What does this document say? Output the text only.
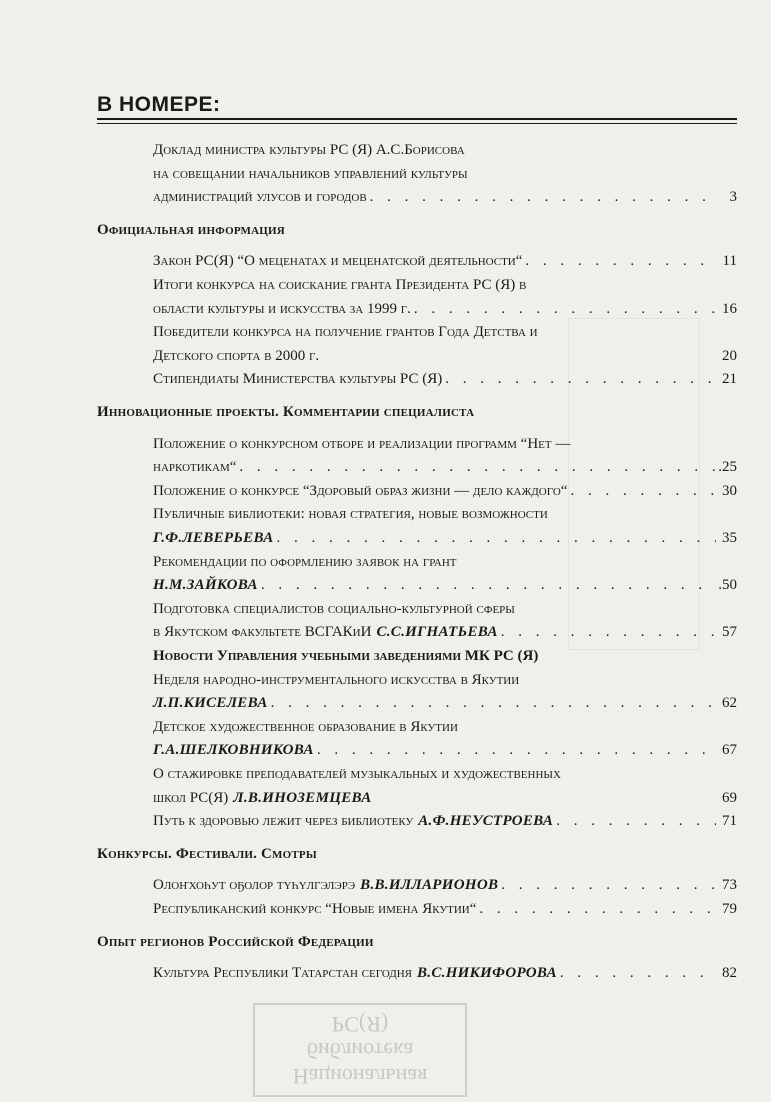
В НОМЕРЕ:
Доклад министра культуры РС (Я) А.С.Борисова
на совещании начальников управлений культуры
администраций улусов и городов . . .	3
Официальная информация
Закон РС(Я) “О меценатах и меценатской деятельности“ . . .	11
Итоги конкурса на соискание гранта Президента РС (Я) в
области культуры и искусства за 1999 г. . . .	16
Победители конкурса на получение грантов Года Детства и
Детского спорта в 2000 г.	20
Стипендиаты Министерства культуры РС (Я) . . .	21
Инновационные проекты. Комментарии специалиста
Положение о конкурсном отборе и реализации программ “Нет —
наркотикам“ . . .	.25
Положение о конкурсе “Здоровый образ жизни — дело каждого“ . . .	30
Публичные библиотеки: новая стратегия, новые возможности
Г.Ф.ЛЕВЕРЬЕВА . . .	35
Рекомендации по оформлению заявок на грант
Н.М.ЗАЙКОВА . . .	.50
Подготовка специалистов социально-культурной сферы
в Якутском факультете ВСГАКиИ С.С.ИГНАТЬЕВА . . .	57
Новости Управления учебными заведениями МК РС (Я)
Неделя народно-инструментального искусства в Якутии
Л.П.КИСЕЛЕВА . . .	62
Детское художественное образование в Якутии
Г.А.ШЕЛКОВНИКОВА . . .	67
О стажировке преподавателей музыкальных и художественных
школ РС(Я) Л.В.ИНОЗЕМЦЕВА	69
Путь к здоровью лежит через библиотеку А.Ф.НЕУСТРОЕВА . . .	71
Конкурсы. Фестивали. Смотры
Олоҥхоһут оҕолор түһүлгэлэрэ В.В.ИЛЛАРИОНОВ . . .	73
Республиканский конкурс “Новые имена Якутии“ . . .	79
Опыт регионов Российской Федерации
Культура Республики Татарстан сегодня В.С.НИКИФОРОВА . . .	82
Национальная
библиотека
РС(Я)
